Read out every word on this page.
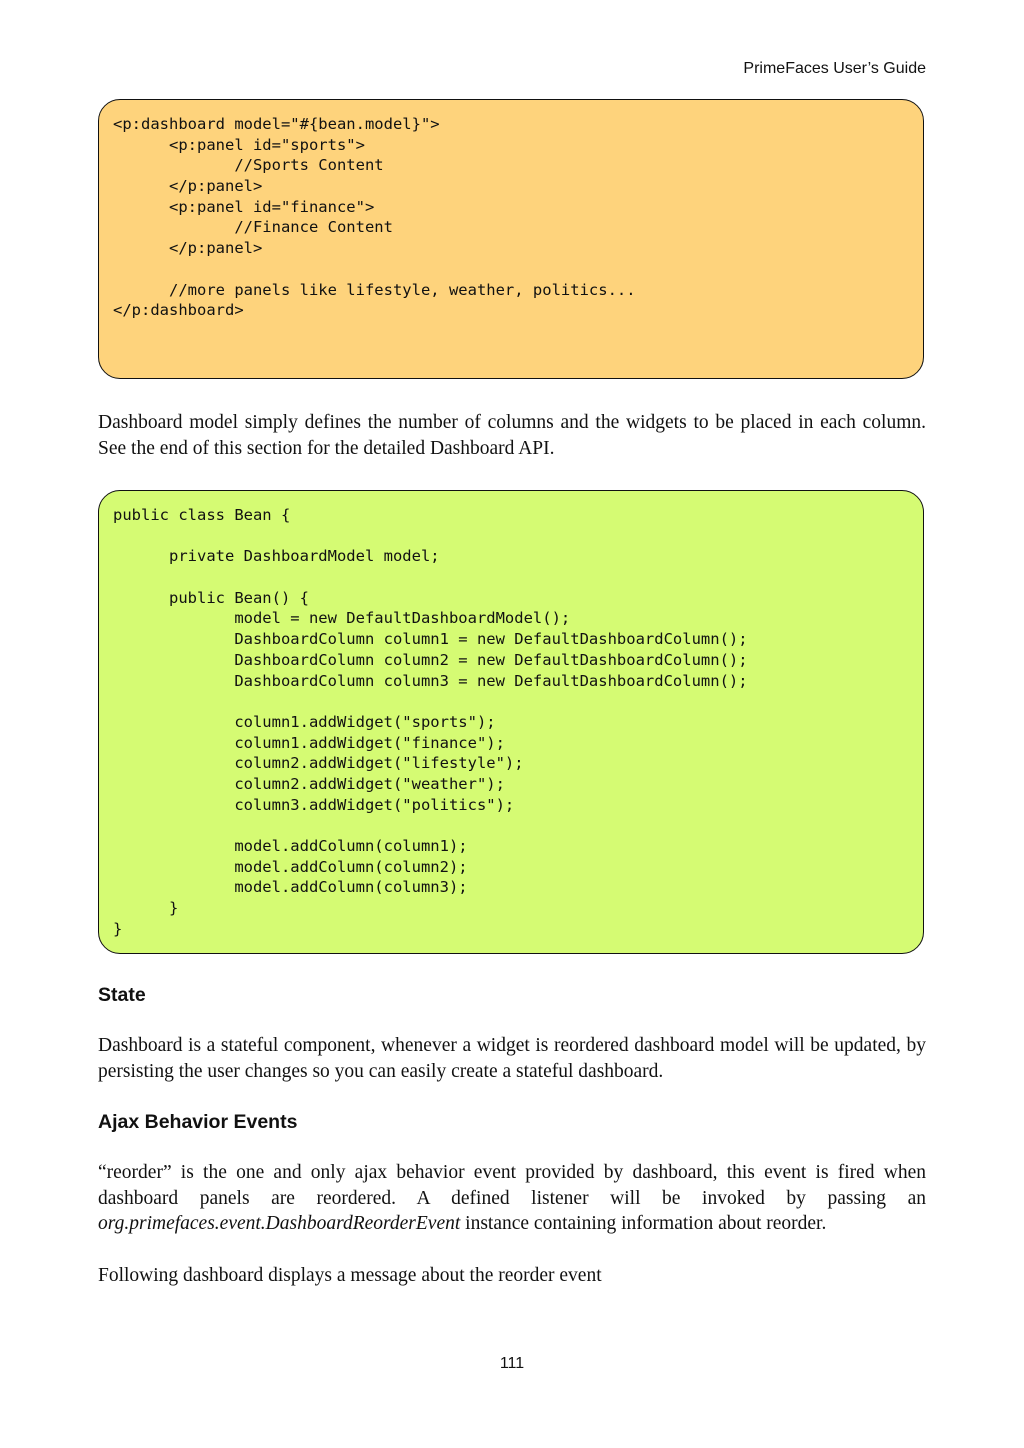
PrimeFaces User’s Guide
<p:dashboard model="#{bean.model}">
<p:panel id="sports">
//Sports Content
</p:panel>
<p:panel id="finance">
//Finance Content
</p:panel>
//more panels like lifestyle, weather, politics...
</p:dashboard>

Dashboard model simply defines the number of columns and the widgets to be placed in each column. See the end of this section for the detailed Dashboard API.

public class Bean {
private DashboardModel model;
public Bean() {
model = new DefaultDashboardModel();
DashboardColumn column1 = new DefaultDashboardColumn();
DashboardColumn column2 = new DefaultDashboardColumn();
DashboardColumn column3 = new DefaultDashboardColumn();
column1.addWidget("sports");
column1.addWidget("finance");
column2.addWidget("lifestyle");
column2.addWidget("weather");
column3.addWidget("politics");
model.addColumn(column1);
model.addColumn(column2);
model.addColumn(column3);
}
}
State

Dashboard is a stateful component, whenever a widget is reordered dashboard model will be updated, by persisting the user changes so you can easily create a stateful dashboard.

Ajax Behavior Events

“reorder” is the one and only ajax behavior event provided by dashboard, this event is fired when dashboard panels are reordered. A defined listener will be invoked by passing an org.primefaces.event.DashboardReorderEvent instance containing information about reorder.

Following dashboard displays a message about the reorder event

111
